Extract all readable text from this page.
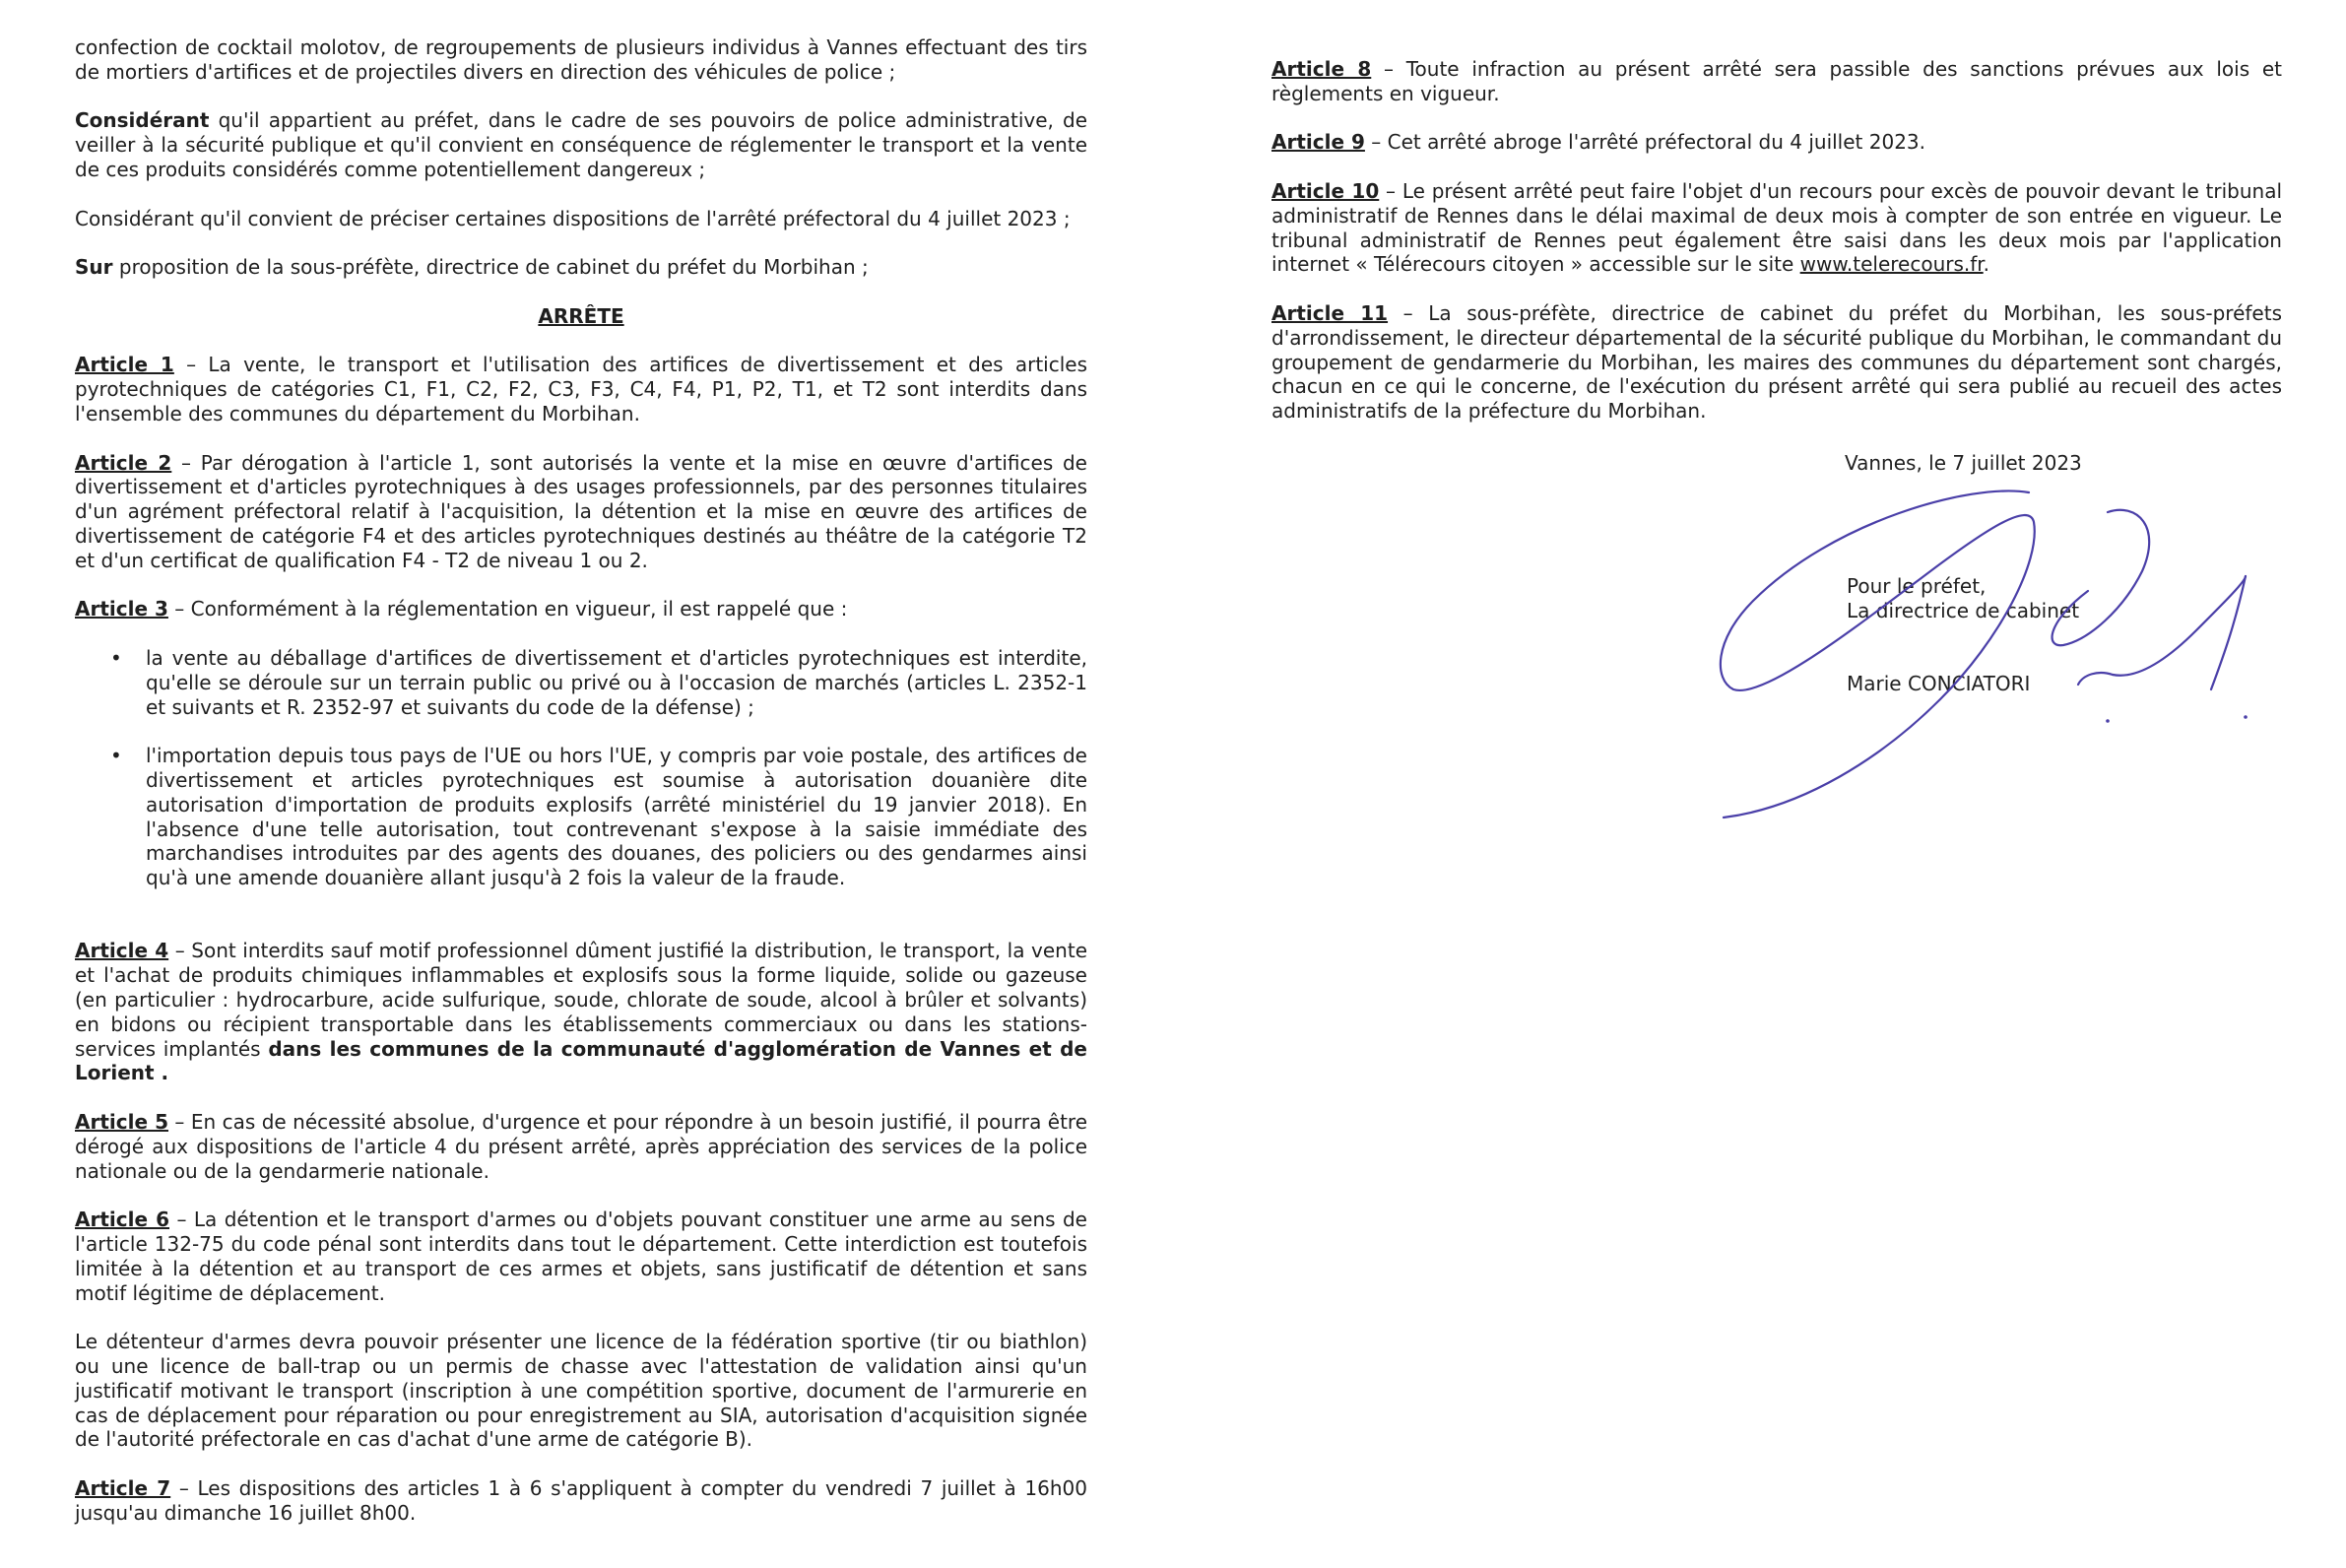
confection de cocktail molotov, de regroupements de plusieurs individus à Vannes effectuant des tirs de mortiers d'artifices et de projectiles divers en direction des véhicules de police ;

Considérant qu'il appartient au préfet, dans le cadre de ses pouvoirs de police administrative, de veiller à la sécurité publique et qu'il convient en conséquence de réglementer le transport et la vente de ces produits considérés comme potentiellement dangereux ;

Considérant qu'il convient de préciser certaines dispositions de l'arrêté préfectoral du 4 juillet 2023 ;

Sur proposition de la sous-préfète, directrice de cabinet du préfet du Morbihan ;

ARRÊTE

Article 1 – La vente, le transport et l'utilisation des artifices de divertissement et des articles pyrotechniques de catégories C1, F1, C2, F2, C3, F3, C4, F4, P1, P2, T1, et T2 sont interdits dans l'ensemble des communes du département du Morbihan.

Article 2 – Par dérogation à l'article 1, sont autorisés la vente et la mise en œuvre d'artifices de divertissement et d'articles pyrotechniques à des usages professionnels, par des personnes titulaires d'un agrément préfectoral relatif à l'acquisition, la détention et la mise en œuvre des artifices de divertissement de catégorie F4 et des articles pyrotechniques destinés au théâtre de la catégorie T2 et d'un certificat de qualification F4 - T2 de niveau 1 ou 2.

Article 3 – Conformément à la réglementation en vigueur, il est rappelé que :

• la vente au déballage d'artifices de divertissement et d'articles pyrotechniques est interdite, qu'elle se déroule sur un terrain public ou privé ou à l'occasion de marchés (articles L. 2352-1 et suivants et R. 2352-97 et suivants du code de la défense) ;
• l'importation depuis tous pays de l'UE ou hors l'UE, y compris par voie postale, des artifices de divertissement et articles pyrotechniques est soumise à autorisation douanière dite autorisation d'importation de produits explosifs (arrêté ministériel du 19 janvier 2018). En l'absence d'une telle autorisation, tout contrevenant s'expose à la saisie immédiate des marchandises introduites par des agents des douanes, des policiers ou des gendarmes ainsi qu'à une amende douanière allant jusqu'à 2 fois la valeur de la fraude.

Article 4 – Sont interdits sauf motif professionnel dûment justifié la distribution, le transport, la vente et l'achat de produits chimiques inflammables et explosifs sous la forme liquide, solide ou gazeuse (en particulier : hydrocarbure, acide sulfurique, soude, chlorate de soude, alcool à brûler et solvants) en bidons ou récipient transportable dans les établissements commerciaux ou dans les stations-services implantés dans les communes de la communauté d'agglomération de Vannes et de Lorient .

Article 5 – En cas de nécessité absolue, d'urgence et pour répondre à un besoin justifié, il pourra être dérogé aux dispositions de l'article 4 du présent arrêté, après appréciation des services de la police nationale ou de la gendarmerie nationale.

Article 6 – La détention et le transport d'armes ou d'objets pouvant constituer une arme au sens de l'article 132-75 du code pénal sont interdits dans tout le département. Cette interdiction est toutefois limitée à la détention et au transport de ces armes et objets, sans justificatif de détention et sans motif légitime de déplacement.

Le détenteur d'armes devra pouvoir présenter une licence de la fédération sportive (tir ou biathlon) ou une licence de ball-trap ou un permis de chasse avec l'attestation de validation ainsi qu'un justificatif motivant le transport (inscription à une compétition sportive, document de l'armurerie en cas de déplacement pour réparation ou pour enregistrement au SIA, autorisation d'acquisition signée de l'autorité préfectorale en cas d'achat d'une arme de catégorie B).

Article 7 – Les dispositions des articles 1 à 6 s'appliquent à compter du vendredi 7 juillet à 16h00 jusqu'au dimanche 16 juillet 8h00.

Article 8 – Toute infraction au présent arrêté sera passible des sanctions prévues aux lois et règlements en vigueur.

Article 9 – Cet arrêté abroge l'arrêté préfectoral du 4 juillet 2023.

Article 10 – Le présent arrêté peut faire l'objet d'un recours pour excès de pouvoir devant le tribunal administratif de Rennes dans le délai maximal de deux mois à compter de son entrée en vigueur. Le tribunal administratif de Rennes peut également être saisi dans les deux mois par l'application internet « Télérecours citoyen » accessible sur le site www.telerecours.fr.

Article 11 – La sous-préfète, directrice de cabinet du préfet du Morbihan, les sous-préfets d'arrondissement, le directeur départemental de la sécurité publique du Morbihan, le commandant du groupement de gendarmerie du Morbihan, les maires des communes du département sont chargés, chacun en ce qui le concerne, de l'exécution du présent arrêté qui sera publié au recueil des actes administratifs de la préfecture du Morbihan.

Vannes, le 7 juillet 2023
Pour le préfet,
La directrice de cabinet
Marie CONCIATORI
